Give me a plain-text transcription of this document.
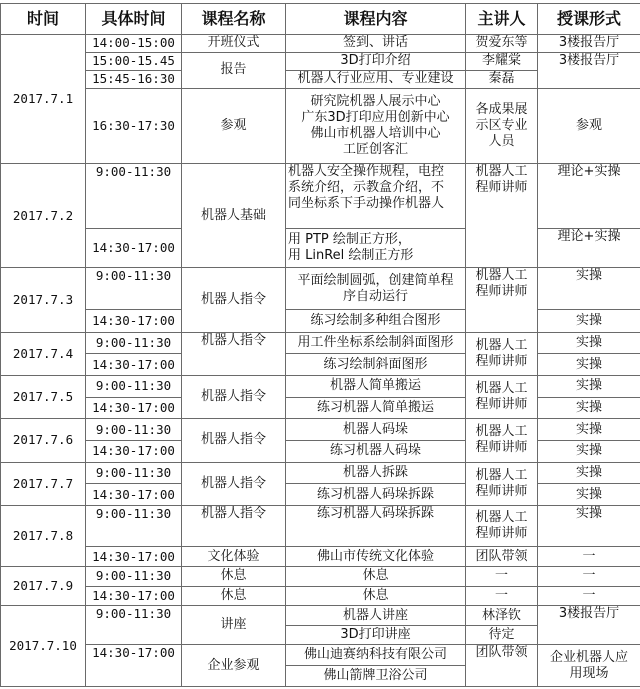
时间	具体时间	课程名称	课程内容	主讲人	授课形式
2017.7.1	14:00-15:00	开班仪式	签到、讲话	贺爱东等	3楼报告厅
	15:00-15.45	报告	3D打印介绍	李耀棠	3楼报告厅
	15:45-16:30		机器人行业应用、专业建设	秦磊	
	16:30-17:30	参观	研究院机器人展示中心
广东3D打印应用创新中心
佛山市机器人培训中心
工匠创客汇	各成果展
示区专业
人员	参观
2017.7.2	9:00-11:30	机器人基础	机器人安全操作规程，电控
系统介绍，示教盒介绍，不
同坐标系下手动操作机器人	机器人工
程师讲师	理论+实操
	14:30-17:00		用 PTP 绘制正方形，
用 LinRel 绘制正方形		理论+实操
2017.7.3	9:00-11:30	机器人指令	平面绘制圆弧，创建简单程
序自动运行	机器人工
程师讲师	实操
	14:30-17:00		练习绘制多种组合图形		实操
2017.7.4	9:00-11:30	机器人指令	用工件坐标系绘制斜面图形	机器人工
程师讲师	实操
	14:30-17:00		练习绘制斜面图形		实操
2017.7.5	9:00-11:30	机器人指令	机器人简单搬运	机器人工
程师讲师	实操
	14:30-17:00		练习机器人简单搬运		实操
2017.7.6	9:00-11:30	机器人指令	机器人码垛	机器人工
程师讲师	实操
	14:30-17:00		练习机器人码垛		实操
2017.7.7	9:00-11:30	机器人指令	机器人拆跺	机器人工
程师讲师	实操
	14:30-17:00		练习机器人码垛拆跺		实操
2017.7.8	9:00-11:30	机器人指令	练习机器人码垛拆跺	机器人工
程师讲师	实操
	14:30-17:00	文化体验	佛山市传统文化体验	团队带领	一
2017.7.9	9:00-11:30	休息	休息	一	一
	14:30-17:00	休息	休息	一	一
2017.7.10	9:00-11:30	讲座	机器人讲座	林泽钦	3楼报告厅
			3D打印讲座	待定	
	14:30-17:00	企业参观	佛山迪赛纳科技有限公司	团队带领	企业机器人应
用现场
			佛山箭牌卫浴公司		
